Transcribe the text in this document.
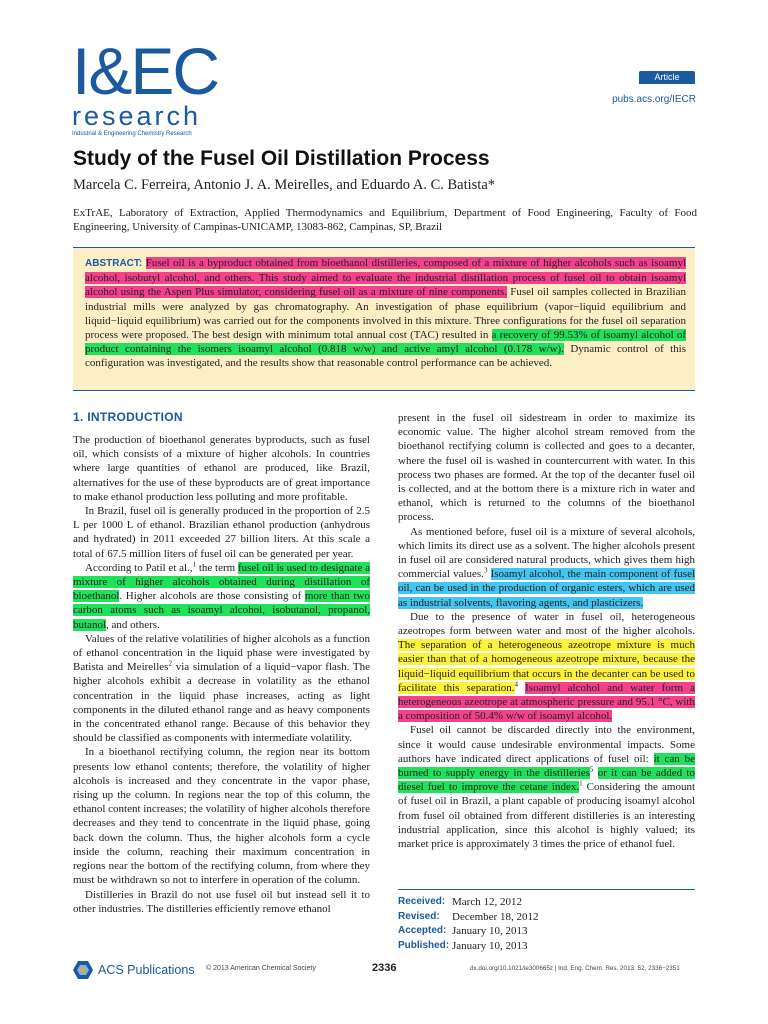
I&EC
research
Industrial & Engineering Chemistry Research
Article
pubs.acs.org/IECR
Study of the Fusel Oil Distillation Process
Marcela C. Ferreira, Antonio J. A. Meirelles, and Eduardo A. C. Batista*
ExTrAE, Laboratory of Extraction, Applied Thermodynamics and Equilibrium, Department of Food Engineering, Faculty of Food Engineering, University of Campinas-UNICAMP, 13083-862, Campinas, SP, Brazil
ABSTRACT: Fusel oil is a byproduct obtained from bioethanol distilleries, composed of a mixture of higher alcohols such as isoamyl alcohol, isobutyl alcohol, and others. This study aimed to evaluate the industrial distillation process of fusel oil to obtain isoamyl alcohol using the Aspen Plus simulator, considering fusel oil as a mixture of nine components. Fusel oil samples collected in Brazilian industrial mills were analyzed by gas chromatography. An investigation of phase equilibrium (vapor−liquid equilibrium and liquid−liquid equilibrium) was carried out for the components involved in this mixture. Three configurations for the fusel oil separation process were proposed. The best design with minimum total annual cost (TAC) resulted in a recovery of 99.53% of isoamyl alcohol of product containing the isomers isoamyl alcohol (0.818 w/w) and active amyl alcohol (0.178 w/w). Dynamic control of this configuration was investigated, and the results show that reasonable control performance can be achieved.
1. INTRODUCTION

The production of bioethanol generates byproducts, such as fusel oil, which consists of a mixture of higher alcohols. In countries where large quantities of ethanol are produced, like Brazil, alternatives for the use of these byproducts are of great importance to make ethanol production less polluting and more profitable.

In Brazil, fusel oil is generally produced in the proportion of 2.5 L per 1000 L of ethanol. Brazilian ethanol production (anhydrous and hydrated) in 2011 exceeded 27 billion liters. At this scale a total of 67.5 million liters of fusel oil can be generated per year.

According to Patil et al.,$^1$ the term fusel oil is used to designate a mixture of higher alcohols obtained during distillation of bioethanol. Higher alcohols are those consisting of more than two carbon atoms such as isoamyl alcohol, isobutanol, propanol, butanol, and others.

Values of the relative volatilities of higher alcohols as a function of ethanol concentration in the liquid phase were investigated by Batista and Meirelles$^2$ via simulation of a liquid−vapor flash. The higher alcohols exhibit a decrease in volatility as the ethanol concentration in the liquid phase increases, acting as light components in the diluted ethanol range and as heavy components in the concentrated ethanol range. Because of this behavior they should be classified as components with intermediate volatility.

In a bioethanol rectifying column, the region near its bottom presents low ethanol contents; therefore, the volatility of higher alcohols is increased and they concentrate in the vapor phase, rising up the column. In regions near the top of this column, the ethanol content increases; the volatility of higher alcohols therefore decreases and they tend to concentrate in the liquid phase, going back down the column. Thus, the higher alcohols form a cycle inside the column, reaching their maximum concentration in regions near the bottom of the rectifying column, from where they must be withdrawn so not to interfere in operation of the column.

Distilleries in Brazil do not use fusel oil but instead sell it to other industries. The distilleries efficiently remove ethanol

present in the fusel oil sidestream in order to maximize its economic value. The higher alcohol stream removed from the bioethanol rectifying column is collected and goes to a decanter, where the fusel oil is washed in countercurrent with water. In this process two phases are formed. At the top of the decanter fusel oil is collected, and at the bottom there is a mixture rich in water and ethanol, which is returned to the columns of the bioethanol process.

As mentioned before, fusel oil is a mixture of several alcohols, which limits its direct use as a solvent. The higher alcohols present in fusel oil are considered natural products, which gives them high commercial values.$^3$ Isoamyl alcohol, the main component of fusel oil, can be used in the production of organic esters, which are used as industrial solvents, flavoring agents, and plasticizers.

Due to the presence of water in fusel oil, heterogeneous azeotropes form between water and most of the higher alcohols. The separation of a heterogeneous azeotrope mixture is much easier than that of a homogeneous azeotrope mixture, because the liquid−liquid equilibrium that occurs in the decanter can be used to facilitate this separation.$^4$ Isoamyl alcohol and water form a heterogeneous azeotrope at atmospheric pressure and 95.1 °C, with a composition of 50.4% w/w of isoamyl alcohol.

Fusel oil cannot be discarded directly into the environment, since it would cause undesirable environmental impacts. Some authors have indicated direct applications of fusel oil: it can be burned to supply energy in the distilleries$^5$ or it can be added to diesel fuel to improve the cetane index.$^1$ Considering the amount of fusel oil in Brazil, a plant capable of producing isoamyl alcohol from fusel oil obtained from different distilleries is an interesting industrial application, since this alcohol is highly valued; its market price is approximately 3 times the price of ethanol fuel.

Received: March 12, 2012
Revised:	December 18, 2012
Accepted: January 10, 2013
Published: January 10, 2013
ACS Publications © 2013 American Chemical Society	2336	dx.doi.org/10.1021/ie300665z | Ind. Eng. Chem. Res. 2013, 52, 2336−2351
